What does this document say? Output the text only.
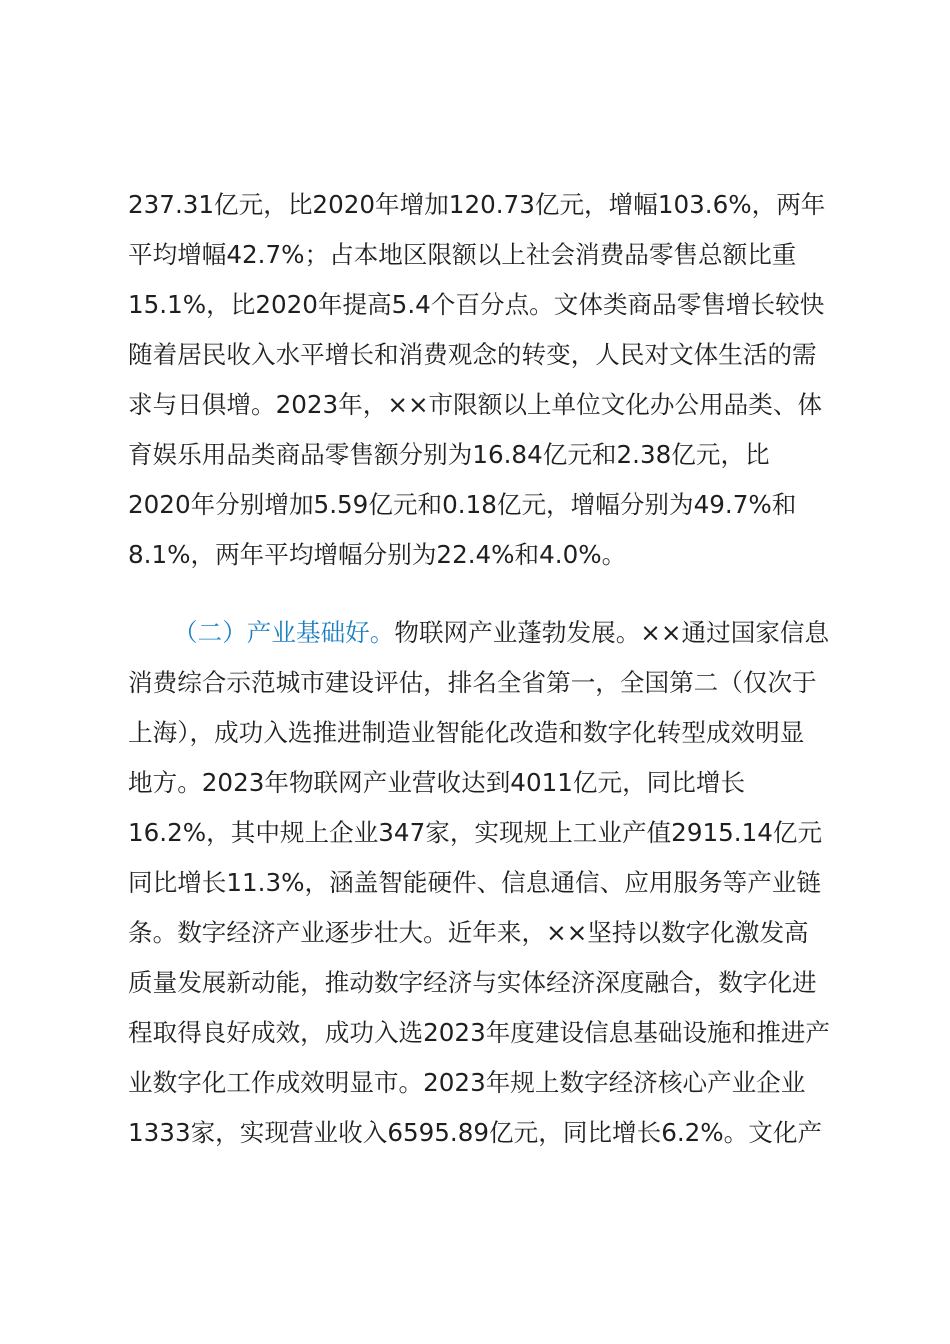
237.31亿元，比2020年增加120.73亿元，增幅103.6%，两年
平均增幅42.7%；占本地区限额以上社会消费品零售总额比重
15.1%，比2020年提高5.4个百分点。文体类商品零售增长较快
随着居民收入水平增长和消费观念的转变，人民对文体生活的需
求与日俱增。2023年，××市限额以上单位文化办公用品类、体
育娱乐用品类商品零售额分别为16.84亿元和2.38亿元，比
2020年分别增加5.59亿元和0.18亿元，增幅分别为49.7%和
8.1%，两年平均增幅分别为22.4%和4.0%。
（二）产业基础好。物联网产业蓬勃发展。××通过国家信息
消费综合示范城市建设评估，排名全省第一，全国第二（仅次于
上海），成功入选推进制造业智能化改造和数字化转型成效明显
地方。2023年物联网产业营收达到4011亿元，同比增长
16.2%，其中规上企业347家，实现规上工业产值2915.14亿元
同比增长11.3%，涵盖智能硬件、信息通信、应用服务等产业链
条。数字经济产业逐步壮大。近年来，××坚持以数字化激发高
质量发展新动能，推动数字经济与实体经济深度融合，数字化进
程取得良好成效，成功入选2023年度建设信息基础设施和推进产
业数字化工作成效明显市。2023年规上数字经济核心产业企业
1333家，实现营业收入6595.89亿元，同比增长6.2%。文化产
